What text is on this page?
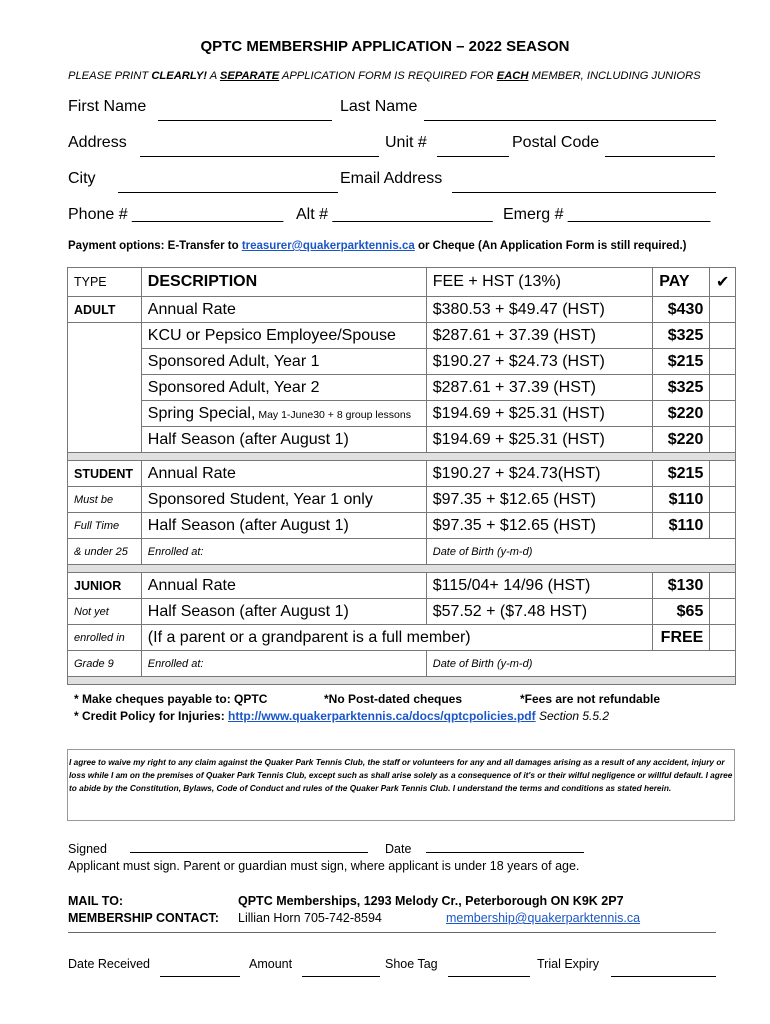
QPTC MEMBERSHIP APPLICATION – 2022 SEASON
PLEASE PRINT CLEARLY! A SEPARATE APPLICATION FORM IS REQUIRED FOR EACH MEMBER, INCLUDING JUNIORS
First Name	Last Name
Address	Unit #	Postal Code
City	Email Address
Phone # _________________ Alt # __________________ Emerg # ________________
Payment options: E-Transfer to treasurer@quakerparktennis.ca or Cheque (An Application Form is still required.)
TYPE	DESCRIPTION	FEE + HST (13%)	PAY	✔
ADULT	Annual Rate	$380.53 + $49.47 (HST)	$430	
	KCU or Pepsico Employee/Spouse	$287.61 + 37.39 (HST)	$325	
	Sponsored Adult, Year 1	$190.27 + $24.73 (HST)	$215	
	Sponsored Adult, Year 2	$287.61 + 37.39 (HST)	$325	
	Spring Special, May 1-June30 + 8 group lessons	$194.69 + $25.31 (HST)	$220	
	Half Season (after August 1)	$194.69 + $25.31 (HST)	$220	

STUDENT	Annual Rate	$190.27 + $24.73(HST)	$215	
Must be	Sponsored Student, Year 1 only	$97.35 + $12.65 (HST)	$110	
Full Time	Half Season (after August 1)	$97.35 + $12.65 (HST)	$110	
& under 25	Enrolled at:	Date of Birth (y-m-d)		

JUNIOR	Annual Rate	$115/04+ 14/96 (HST)	$130	
Not yet	Half Season (after August 1)	$57.52 + ($7.48 HST)	$65	
enrolled in	(If a parent or a grandparent is a full member)		FREE	
Grade 9	Enrolled at:	Date of Birth (y-m-d)		

* Make cheques payable to: QPTC	*No Post-dated cheques	*Fees are not refundable
* Credit Policy for Injuries: http://www.quakerparktennis.ca/docs/qptcpolicies.pdf Section 5.5.2
I agree to waive my right to any claim against the Quaker Park Tennis Club, the staff or volunteers for any and all damages arising as a result of any accident, injury or loss while I am on the premises of Quaker Park Tennis Club, except such as shall arise solely as a consequence of it's or their wilful negligence or willful default. I agree to abide by the Constitution, Bylaws, Code of Conduct and rules of the Quaker Park Tennis Club. I understand the terms and conditions as stated herein.
Signed	Date
Applicant must sign. Parent or guardian must sign, where applicant is under 18 years of age.
MAIL TO:	QPTC Memberships, 1293 Melody Cr., Peterborough ON K9K 2P7
MEMBERSHIP CONTACT: Lillian Horn 705-742-8594	membership@quakerparktennis.ca
Date Received	Amount	Shoe Tag	Trial Expiry
